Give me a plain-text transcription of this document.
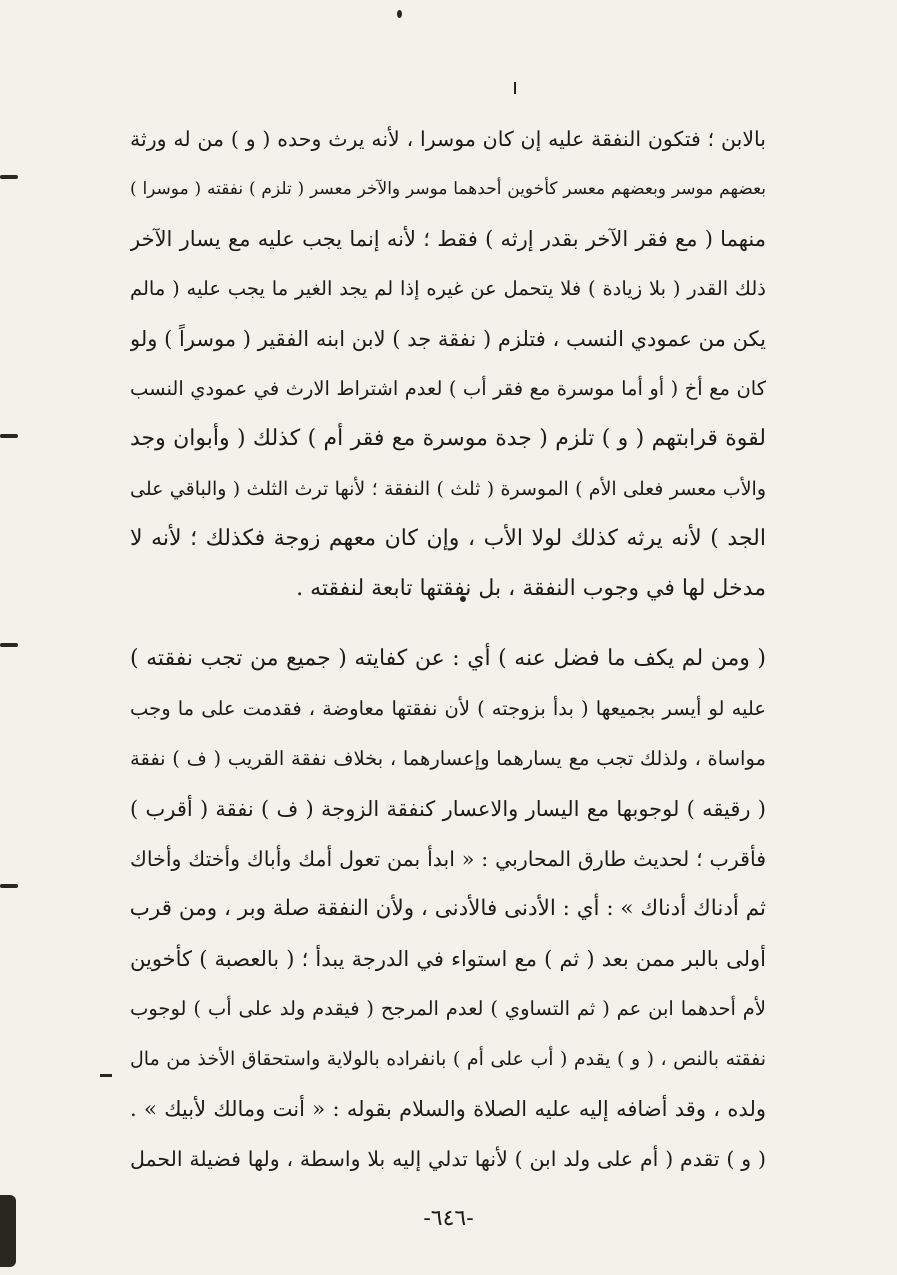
بالابن ؛ فتكون النفقة عليه إن كان موسرا ، لأنه يرث وحده ( و ) من له ورثة
بعضهم موسر وبعضهم معسر كأخوين أحدهما موسر والآخر معسر ( تلزم ) نفقته ( موسرا )
منهما ( مع فقر الآخر بقدر إرثه ) فقط ؛ لأنه إنما يجب عليه مع يسار الآخر
ذلك القدر ( بلا زيادة ) فلا يتحمل عن غيره إذا لم يجد الغير ما يجب عليه ( مالم
يكن من عمودي النسب ، فتلزم ( نفقة جد ) لابن ابنه الفقير ( موسراً ) ولو
كان مع أخ ( أو أما موسرة مع فقر أب ) لعدم اشتراط الارث في عمودي النسب
لقوة قرابتهم ( و ) تلزم ( جدة موسرة مع فقر أم ) كذلك ( وأبوان وجد
والأب معسر فعلى الأم ) الموسرة ( ثلث ) النفقة ؛ لأنها ترث الثلث ( والباقي على
الجد ) لأنه يرثه كذلك لولا الأب ، وإن كان معهم زوجة فكذلك ؛ لأنه لا
مدخل لها في وجوب النفقة ، بل نفقتها تابعة لنفقته .
( ومن لم يكف ما فضل عنه ) أي : عن كفايته ( جميع من تجب نفقته )
عليه لو أيسر بجميعها ( بدأ بزوجته ) لأن نفقتها معاوضة ، فقدمت على ما وجب
مواساة ، ولذلك تجب مع يسارهما وإعسارهما ، بخلاف نفقة القريب ( ف ) نفقة
( رقيقه ) لوجوبها مع اليسار والاعسار كنفقة الزوجة ( ف ) نفقة ( أقرب )
فأقرب ؛ لحديث طارق المحاربي : « ابدأ بمن تعول أمك وأباك وأختك وأخاك
ثم أدناك أدناك » : أي : الأدنى فالأدنى ، ولأن النفقة صلة وبر ، ومن قرب
أولى بالبر ممن بعد ( ثم ) مع استواء في الدرجة يبدأ ؛ ( بالعصبة ) كأخوين
لأم أحدهما ابن عم ( ثم التساوي ) لعدم المرجح ( فيقدم ولد على أب ) لوجوب
نفقته بالنص ، ( و ) يقدم ( أب على أم ) بانفراده بالولاية واستحقاق الأخذ من مال
ولده ، وقد أضافه إليه عليه الصلاة والسلام بقوله : « أنت ومالك لأبيك » .
( و ) تقدم ( أم على ولد ابن ) لأنها تدلي إليه بلا واسطة ، ولها فضيلة الحمل
-٦٤٦-
